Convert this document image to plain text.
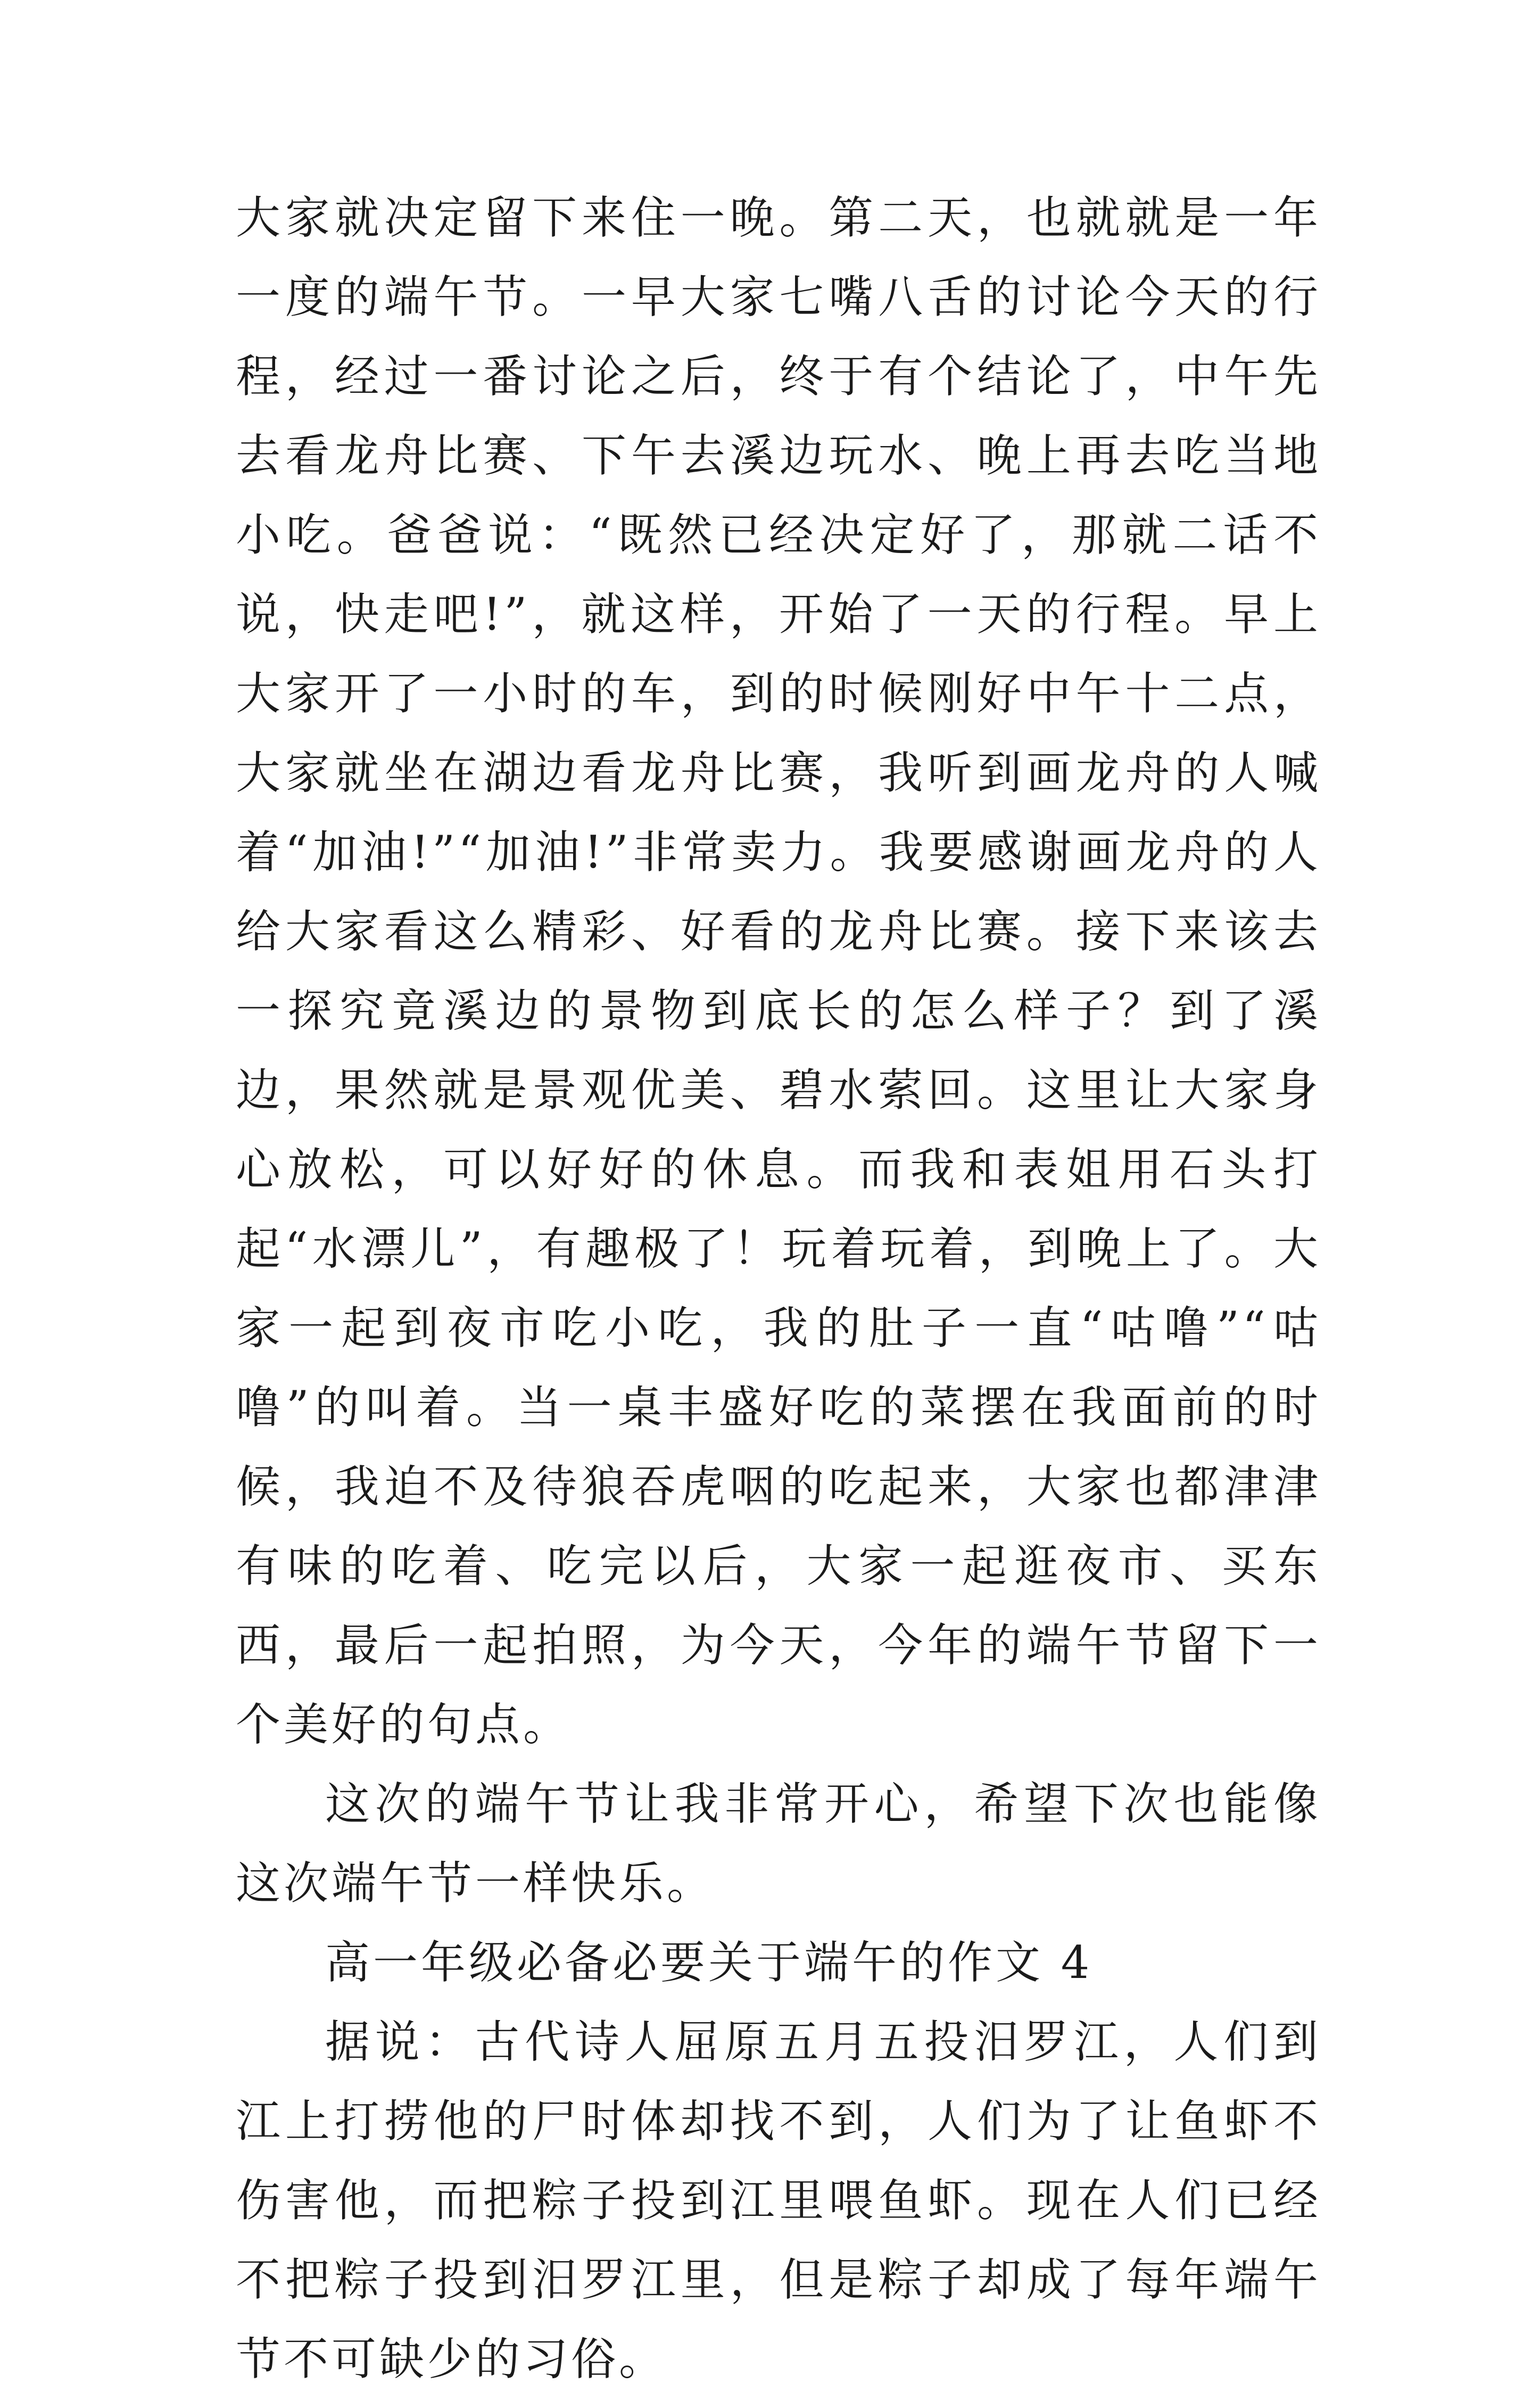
大家就决定留下来住一晚。第二天，也就就是一年一度的端午节。一早大家七嘴八舌的讨论今天的行程，经过一番讨论之后，终于有个结论了，中午先去看龙舟比赛、下午去溪边玩水、晚上再去吃当地小吃。爸爸说：“既然已经决定好了，那就二话不说，快走吧!”，就这样，开始了一天的行程。早上大家开了一小时的车，到的时候刚好中午十二点，大家就坐在湖边看龙舟比赛，我听到画龙舟的人喊着“加油!”“加油!”非常卖力。我要感谢画龙舟的人给大家看这么精彩、好看的龙舟比赛。接下来该去一探究竟溪边的景物到底长的怎么样子？到了溪边，果然就是景观优美、碧水萦回。这里让大家身心放松，可以好好的休息。而我和表姐用石头打起“水漂儿”，有趣极了！玩着玩着，到晚上了。大家一起到夜市吃小吃，我的肚子一直“咕噜”“咕噜”的叫着。当一桌丰盛好吃的菜摆在我面前的时候，我迫不及待狼吞虎咽的吃起来，大家也都津津有味的吃着、吃完以后，大家一起逛夜市、买东西，最后一起拍照，为今天，今年的端午节留下一个美好的句点。

这次的端午节让我非常开心，希望下次也能像这次端午节一样快乐。

高一年级必备必要关于端午的作文 4

据说：古代诗人屈原五月五投汨罗江，人们到江上打捞他的尸时体却找不到，人们为了让鱼虾不伤害他，而把粽子投到江里喂鱼虾。现在人们已经不把粽子投到汨罗江里，但是粽子却成了每年端午节不可缺少的习俗。
